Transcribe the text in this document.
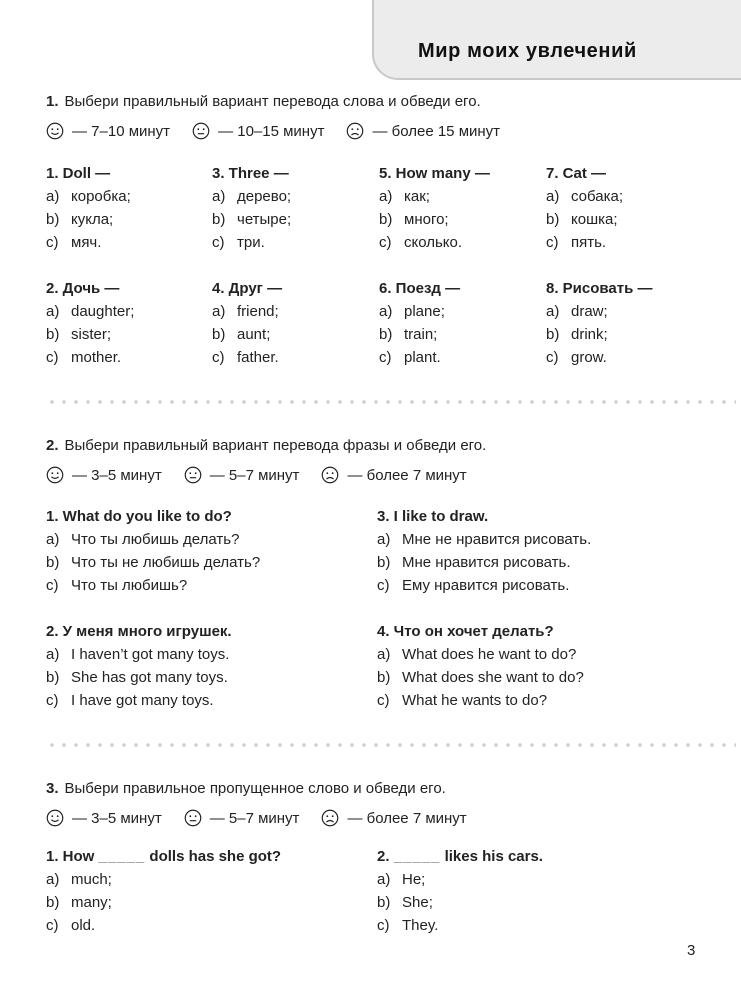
Мир моих увлечений
1. Выбери правильный вариант перевода слова и обведи его.
— 7–10 минут	— 10–15 минут	— более 15 минут
1. Doll —
a) коробка;
b) кукла;
c) мяч.
3. Three —
a) дерево;
b) четыре;
c) три.
5. How many —
a) как;
b) много;
c) сколько.
7. Cat —
a) собака;
b) кошка;
c) пять.
2. Дочь —
a) daughter;
b) sister;
c) mother.
4. Друг —
a) friend;
b) aunt;
c) father.
6. Поезд —
a) plane;
b) train;
c) plant.
8. Рисовать —
a) draw;
b) drink;
c) grow.
2. Выбери правильный вариант перевода фразы и обведи его.
— 3–5 минут	— 5–7 минут	— более 7 минут
1. What do you like to do?
a) Что ты любишь делать?
b) Что ты не любишь делать?
c) Что ты любишь?
3. I like to draw.
a) Мне не нравится рисовать.
b) Мне нравится рисовать.
c) Ему нравится рисовать.
2. У меня много игрушек.
a) I haven’t got many toys.
b) She has got many toys.
c) I have got many toys.
4. Что он хочет делать?
a) What does he want to do?
b) What does she want to do?
c) What he wants to do?
3. Выбери правильное пропущенное слово и обведи его.
— 3–5 минут	— 5–7 минут	— более 7 минут
1. How _____ dolls has she got?
a) much;
b) many;
c) old.
2. _____ likes his cars.
a) He;
b) She;
c) They.
3
